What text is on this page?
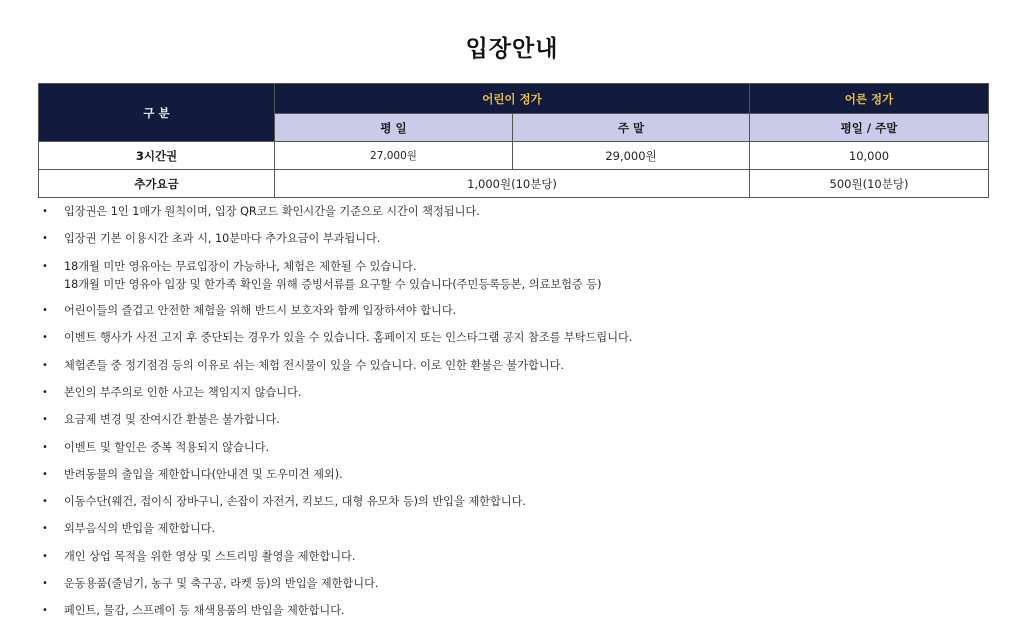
입장안내
구 분	어린이 정가		어른 정가
	평 일	주 말	평일 / 주말
3시간권	27,000원	29,000원	10,000
추가요금	1,000원(10분당)		500원(10분당)
• 입장권은 1인 1매가 원칙이며, 입장 QR코드 확인시간을 기준으로 시간이 책정됩니다.
• 입장권 기본 이용시간 초과 시, 10분마다 추가요금이 부과됩니다.
• 18개월 미만 영유아는 무료입장이 가능하나, 체험은 제한될 수 있습니다.
18개월 미만 영유아 입장 및 한가족 확인을 위해 증빙서류를 요구할 수 있습니다(주민등록등본, 의료보험증 등)
• 어린이들의 즐겁고 안전한 체험을 위해 반드시 보호자와 함께 입장하셔야 합니다.
• 이벤트 행사가 사전 고지 후 중단되는 경우가 있을 수 있습니다. 홈페이지 또는 인스타그램 공지 참조를 부탁드립니다.
• 체험존들 중 정기점검 등의 이유로 쉬는 체험 전시물이 있을 수 있습니다. 이로 인한 환불은 불가합니다.
• 본인의 부주의로 인한 사고는 책임지지 않습니다.
• 요금제 변경 및 잔여시간 환불은 불가합니다.
• 이벤트 및 할인은 중복 적용되지 않습니다.
• 반려동물의 출입을 제한합니다(안내견 및 도우미견 제외).
• 이동수단(웨건, 접이식 장바구니, 손잡이 자전거, 킥보드, 대형 유모차 등)의 반입을 제한합니다.
• 외부음식의 반입을 제한합니다.
• 개인 상업 목적을 위한 영상 및 스트리밍 촬영을 제한합니다.
• 운동용품(줄넘기, 농구 및 축구공, 라켓 등)의 반입을 제한합니다.
• 페인트, 물감, 스프레이 등 채색용품의 반입을 제한합니다.
